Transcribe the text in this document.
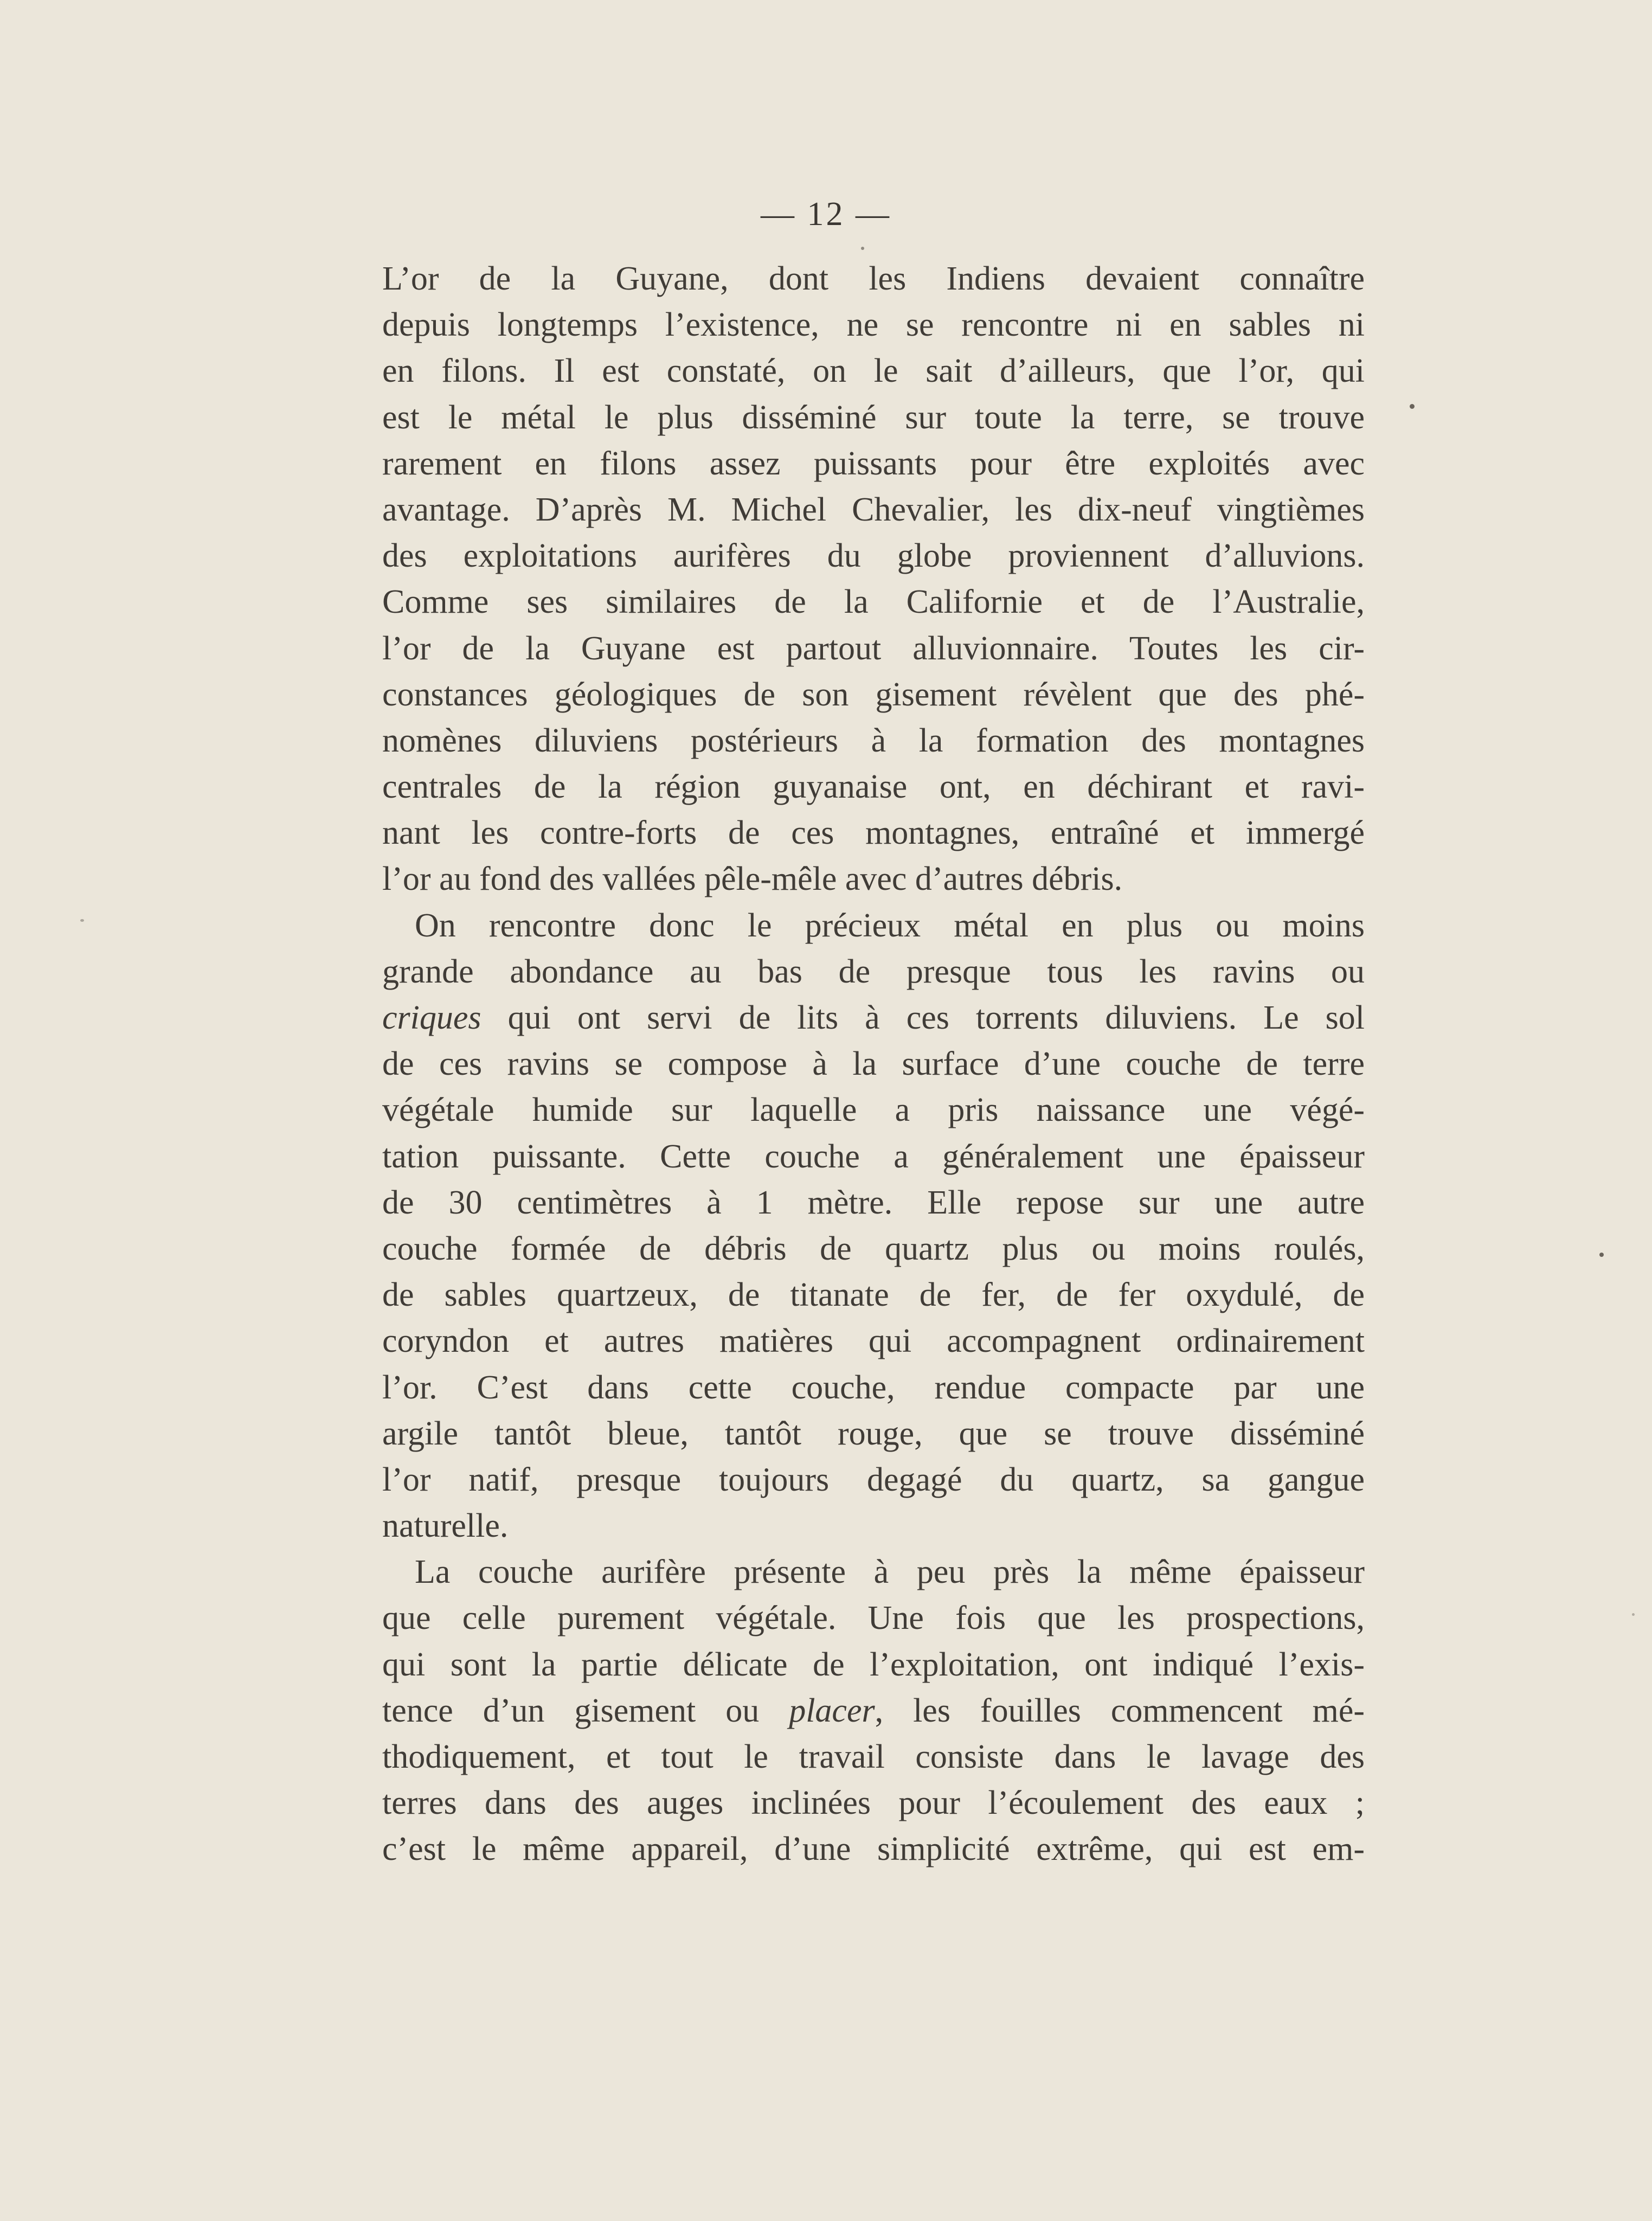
— 12 —
L’or de la Guyane, dont les Indiens devaient connaître
depuis longtemps l’existence, ne se rencontre ni en sables ni
en filons. Il est constaté, on le sait d’ailleurs, que l’or, qui
est le métal le plus disséminé sur toute la terre, se trouve
rarement en filons assez puissants pour être exploités avec
avantage. D’après M. Michel Chevalier, les dix-neuf vingtièmes
des exploitations aurifères du globe proviennent d’alluvions.
Comme ses similaires de la Californie et de l’Australie,
l’or de la Guyane est partout alluvionnaire. Toutes les cir-
constances géologiques de son gisement révèlent que des phé-
nomènes diluviens postérieurs à la formation des montagnes
centrales de la région guyanaise ont, en déchirant et ravi-
nant les contre-forts de ces montagnes, entraîné et immergé
l’or au fond des vallées pêle-mêle avec d’autres débris.
On rencontre donc le précieux métal en plus ou moins
grande abondance au bas de presque tous les ravins ou
criques qui ont servi de lits à ces torrents diluviens. Le sol
de ces ravins se compose à la surface d’une couche de terre
végétale humide sur laquelle a pris naissance une végé-
tation puissante. Cette couche a généralement une épaisseur
de 30 centimètres à 1 mètre. Elle repose sur une autre
couche formée de débris de quartz plus ou moins roulés,
de sables quartzeux, de titanate de fer, de fer oxydulé, de
coryndon et autres matières qui accompagnent ordinairement
l’or. C’est dans cette couche, rendue compacte par une
argile tantôt bleue, tantôt rouge, que se trouve disséminé
l’or natif, presque toujours degagé du quartz, sa gangue
naturelle.
La couche aurifère présente à peu près la même épaisseur
que celle purement végétale. Une fois que les prospections,
qui sont la partie délicate de l’exploitation, ont indiqué l’exis-
tence d’un gisement ou placer, les fouilles commencent mé-
thodiquement, et tout le travail consiste dans le lavage des
terres dans des auges inclinées pour l’écoulement des eaux ;
c’est le même appareil, d’une simplicité extrême, qui est em-
